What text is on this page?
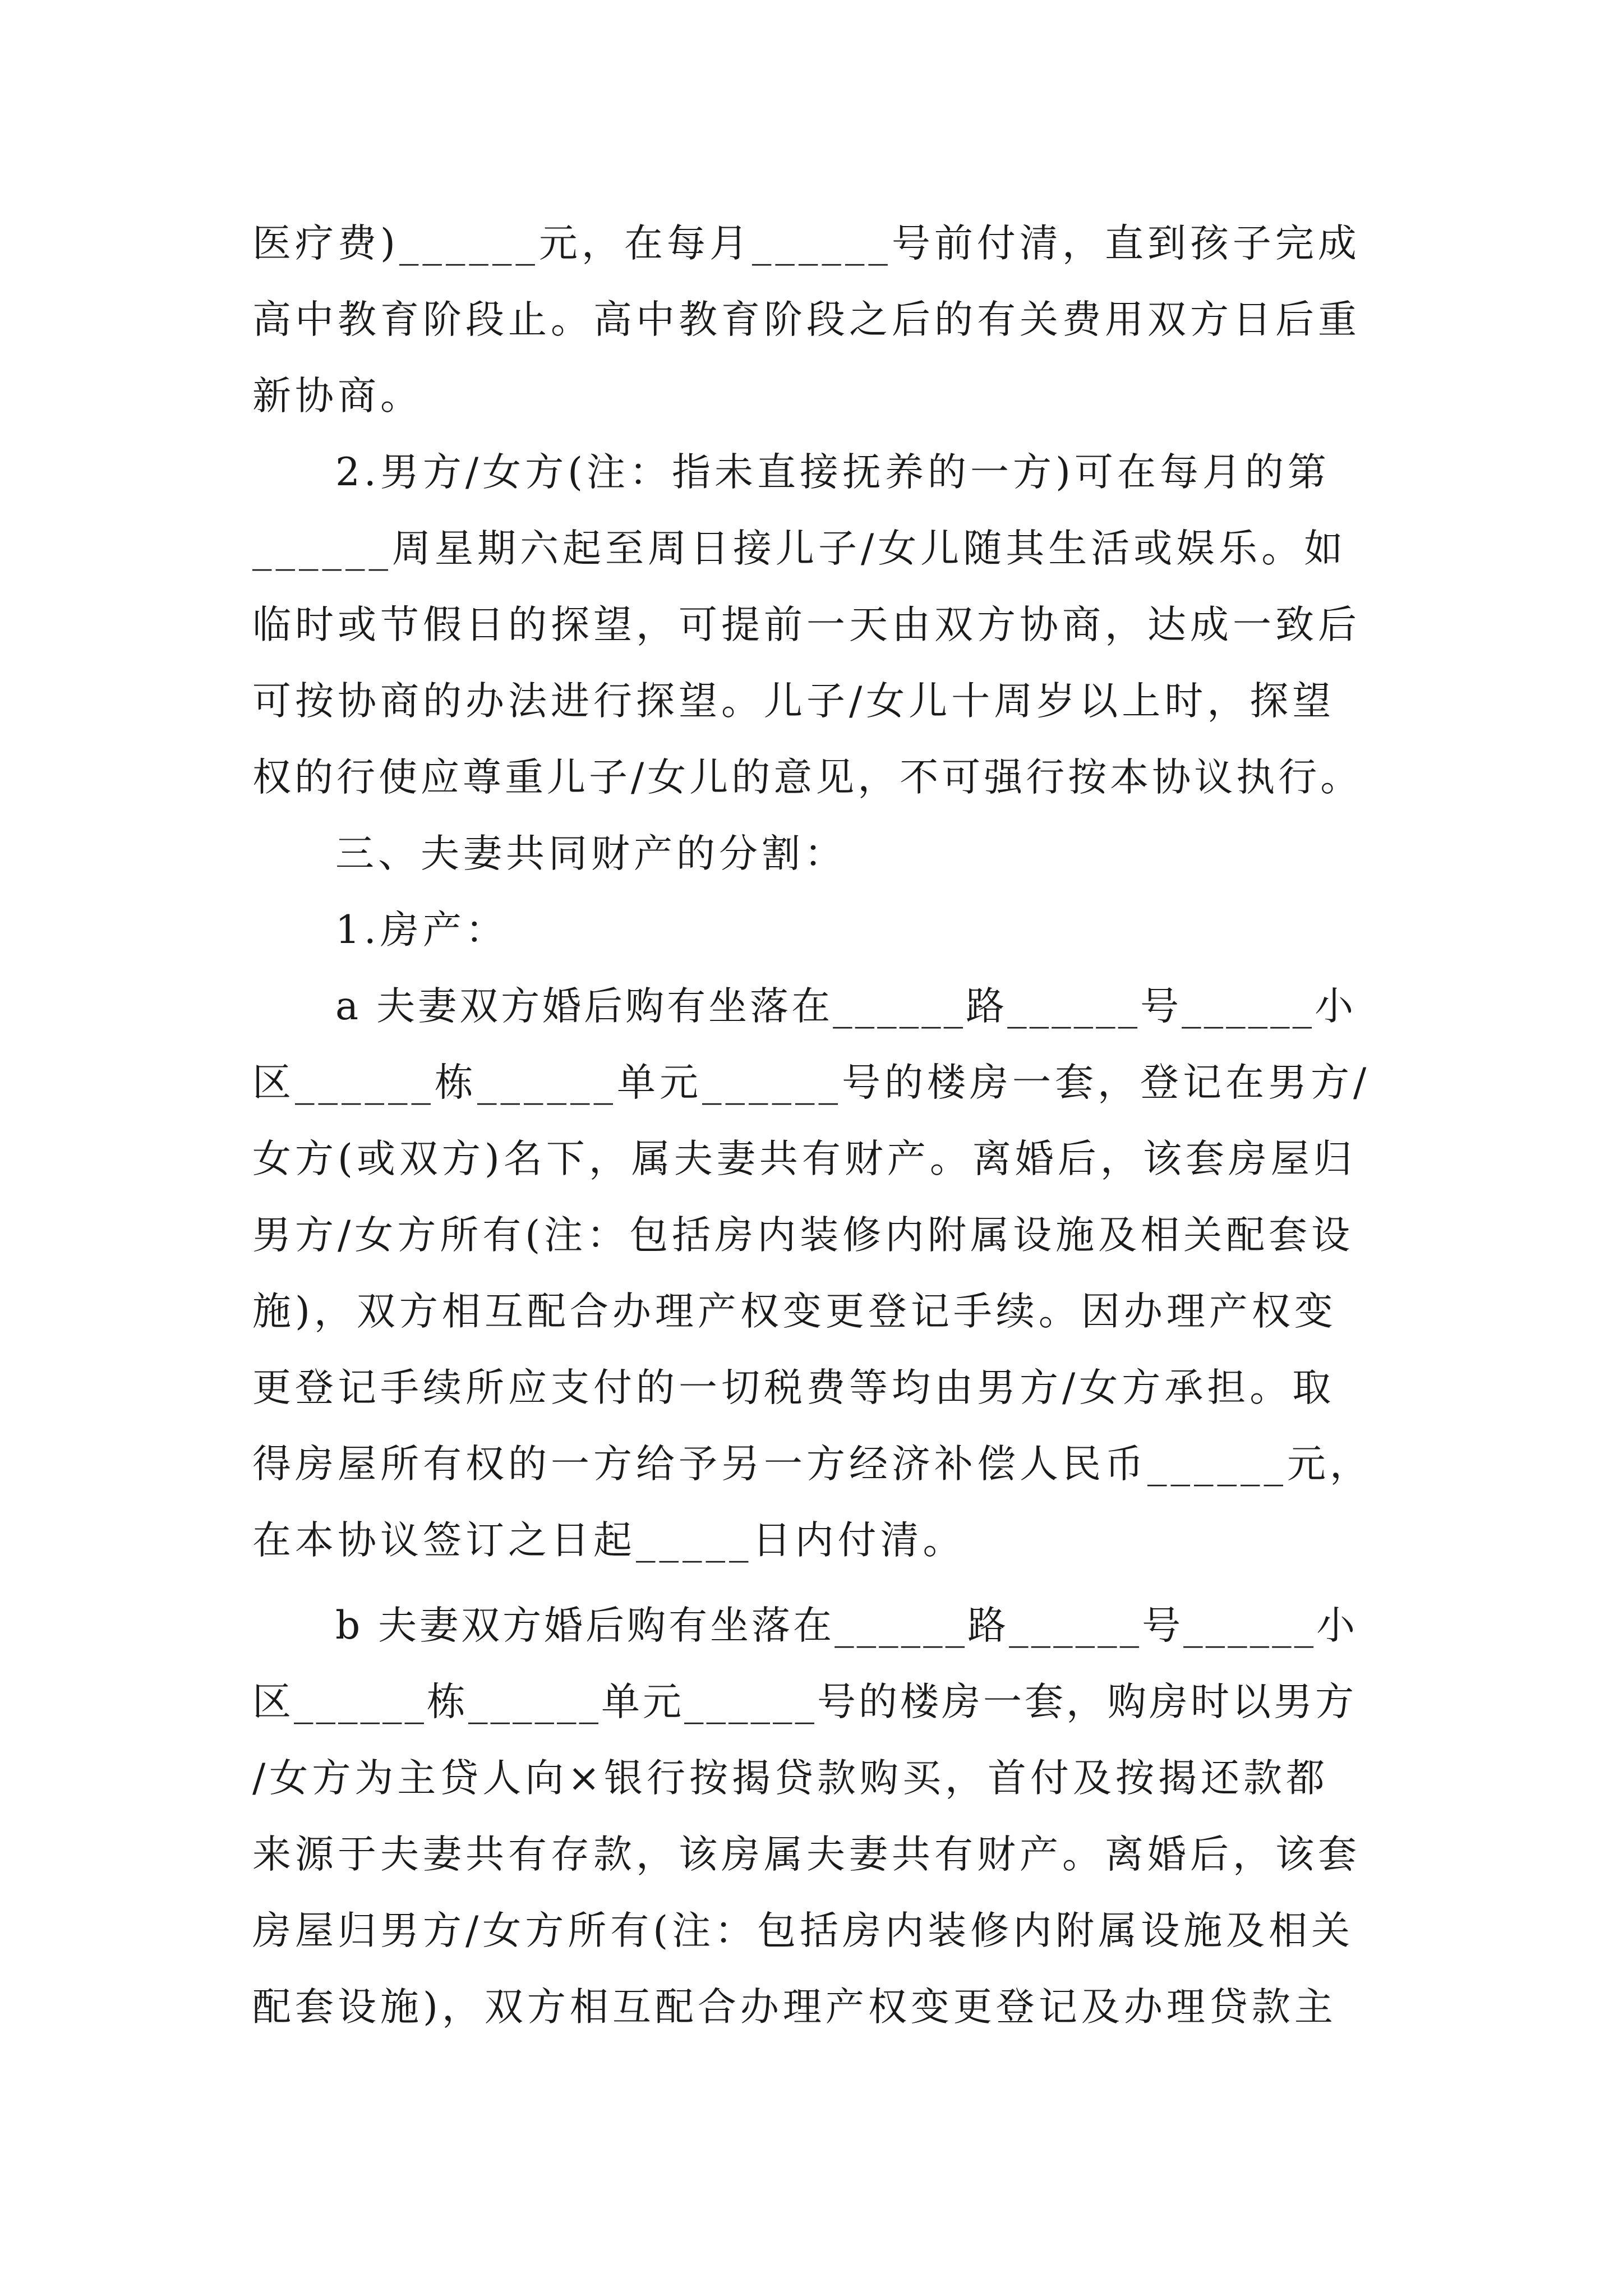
医疗费)______元，在每月______号前付清，直到孩子完成
高中教育阶段止。高中教育阶段之后的有关费用双方日后重
新协商。
2.男方/女方(注：指未直接抚养的一方)可在每月的第
______周星期六起至周日接儿子/女儿随其生活或娱乐。如
临时或节假日的探望，可提前一天由双方协商，达成一致后
可按协商的办法进行探望。儿子/女儿十周岁以上时，探望
权的行使应尊重儿子/女儿的意见，不可强行按本协议执行。
三、夫妻共同财产的分割：
1.房产：
a 夫妻双方婚后购有坐落在______路______号______小
区______栋______单元______号的楼房一套，登记在男方/
女方(或双方)名下，属夫妻共有财产。离婚后，该套房屋归
男方/女方所有(注：包括房内装修内附属设施及相关配套设
施)，双方相互配合办理产权变更登记手续。因办理产权变
更登记手续所应支付的一切税费等均由男方/女方承担。取
得房屋所有权的一方给予另一方经济补偿人民币______元，
在本协议签订之日起_____日内付清。
b 夫妻双方婚后购有坐落在______路______号______小
区______栋______单元______号的楼房一套，购房时以男方
/女方为主贷人向×银行按揭贷款购买，首付及按揭还款都
来源于夫妻共有存款，该房属夫妻共有财产。离婚后，该套
房屋归男方/女方所有(注：包括房内装修内附属设施及相关
配套设施)，双方相互配合办理产权变更登记及办理贷款主
